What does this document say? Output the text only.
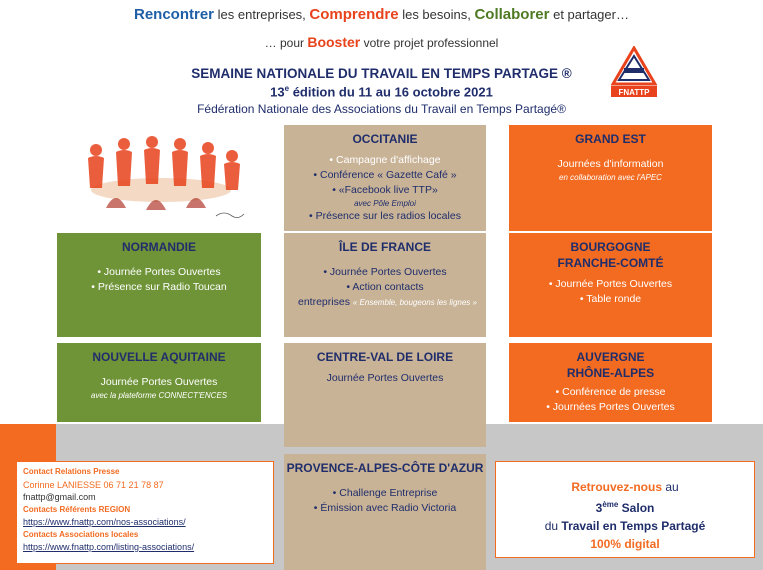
Rencontrer les entreprises, Comprendre les besoins, Collaborer et partager…
… pour Booster votre projet professionnel
SEMAINE NATIONALE DU TRAVAIL EN TEMPS PARTAGE ®
13e édition du 11 au 16 octobre 2021
Fédération Nationale des Associations du Travail en Temps Partagé®
FNATTP
OCCITANIE
• Campagne d'affichage
• Conférence « Gazette Café »
• «Facebook live TTP»
avec Pôle Emploi
• Présence sur les radios locales
ÎLE DE FRANCE
• Journée Portes Ouvertes
• Action contacts
entreprises « Ensemble, bougeons les lignes »
CENTRE-VAL DE LOIRE
Journée Portes Ouvertes
PROVENCE-ALPES-CÔTE D'AZUR
• Challenge Entreprise
• Émission avec Radio Victoria
NORMANDIE
• Journée Portes Ouvertes
• Présence sur Radio Toucan
NOUVELLE AQUITAINE
Journée Portes Ouvertes
avec la plateforme CONNECT'ENCES
GRAND EST
Journées d'information
en collaboration avec l'APEC
BOURGOGNE
FRANCHE-COMTÉ
• Journée Portes Ouvertes
• Table ronde
AUVERGNE
RHÔNE-ALPES
• Conférence de presse
• Journées Portes Ouvertes
Contact Relations Presse
Corinne LANIESSE 06 71 21 78 87
fnattp@gmail.com
Contacts Référents REGION
https://www.fnattp.com/nos-associations/
Contacts Associations locales
https://www.fnattp.com/listing-associations/
Retrouvez-nous au
3ème Salon
du Travail en Temps Partagé
100% digital
